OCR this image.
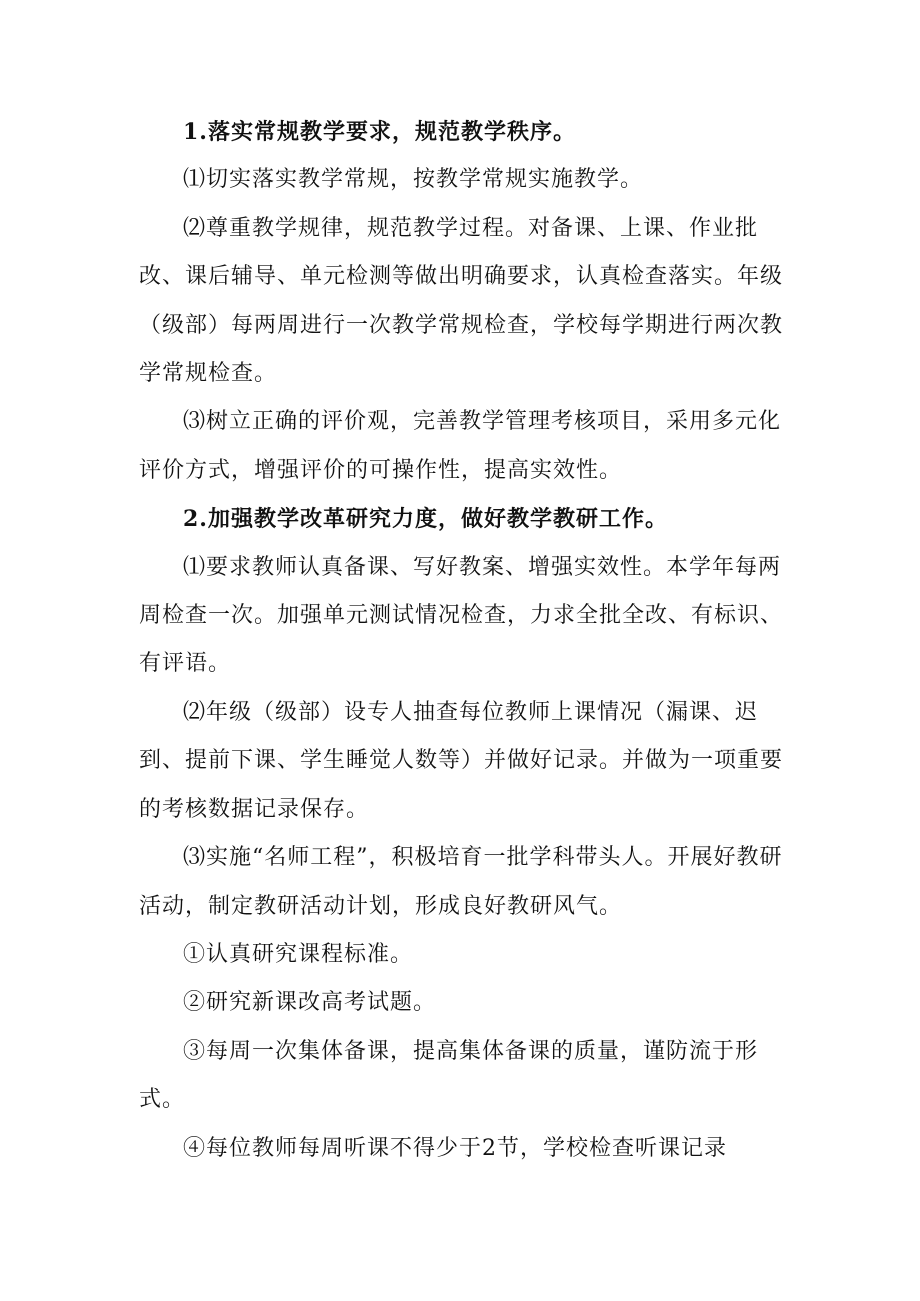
1.落实常规教学要求，规范教学秩序。

⑴切实落实教学常规，按教学常规实施教学。

⑵尊重教学规律，规范教学过程。对备课、上课、作业批改、课后辅导、单元检测等做出明确要求，认真检查落实。年级（级部）每两周进行一次教学常规检查，学校每学期进行两次教学常规检查。

⑶树立正确的评价观，完善教学管理考核项目，采用多元化评价方式，增强评价的可操作性，提高实效性。

2.加强教学改革研究力度，做好教学教研工作。

⑴要求教师认真备课、写好教案、增强实效性。本学年每两周检查一次。加强单元测试情况检查，力求全批全改、有标识、有评语。

⑵年级（级部）设专人抽查每位教师上课情况（漏课、迟到、提前下课、学生睡觉人数等）并做好记录。并做为一项重要的考核数据记录保存。

⑶实施“名师工程”，积极培育一批学科带头人。开展好教研活动，制定教研活动计划，形成良好教研风气。

①认真研究课程标准。

②研究新课改高考试题。

③每周一次集体备课，提高集体备课的质量，谨防流于形式。

④每位教师每周听课不得少于2节，学校检查听课记录
